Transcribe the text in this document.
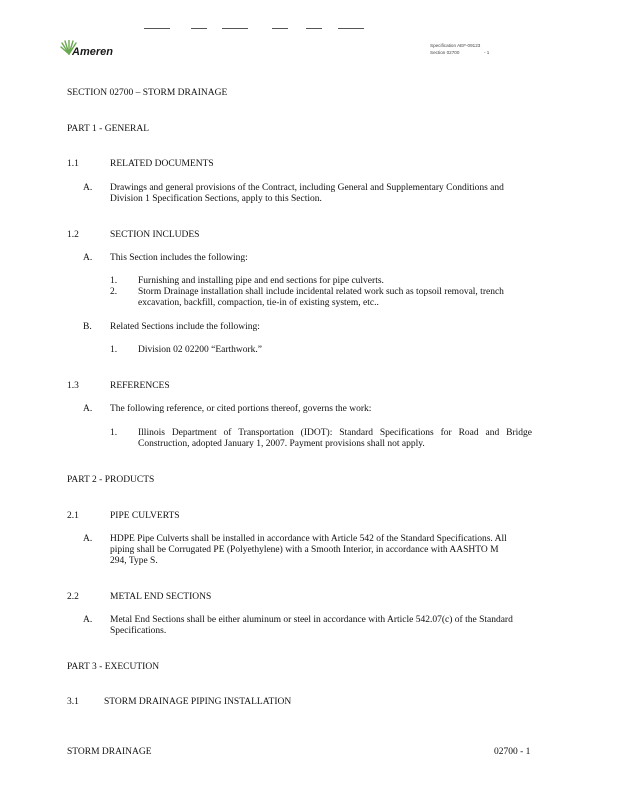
Ameren
Specification AEF-09123
Section 02700	- 1
SECTION 02700 – STORM DRAINAGE
PART 1 - GENERAL
1.1	RELATED DOCUMENTS
A. Drawings and general provisions of the Contract, including General and Supplementary Conditions and
Division 1 Specification Sections, apply to this Section.
1.2	SECTION INCLUDES
A. This Section includes the following:
1. Furnishing and installing pipe and end sections for pipe culverts.
2. Storm Drainage installation shall include incidental related work such as topsoil removal, trench
excavation, backfill, compaction, tie-in of existing system, etc..
B. Related Sections include the following:
1. Division 02 02200 “Earthwork.”
1.3	REFERENCES
A. The following reference, or cited portions thereof, governs the work:
1. Illinois Department of Transportation (IDOT): Standard Specifications for Road and Bridge
Construction, adopted January 1, 2007. Payment provisions shall not apply.
PART 2 - PRODUCTS
2.1	PIPE CULVERTS
A. HDPE Pipe Culverts shall be installed in accordance with Article 542 of the Standard Specifications. All
piping shall be Corrugated PE (Polyethylene) with a Smooth Interior, in accordance with AASHTO M
294, Type S.
2.2	METAL END SECTIONS
A. Metal End Sections shall be either aluminum or steel in accordance with Article 542.07(c) of the Standard
Specifications.
PART 3 - EXECUTION
3.1	STORM DRAINAGE PIPING INSTALLATION
STORM DRAINAGE	02700 - 1
